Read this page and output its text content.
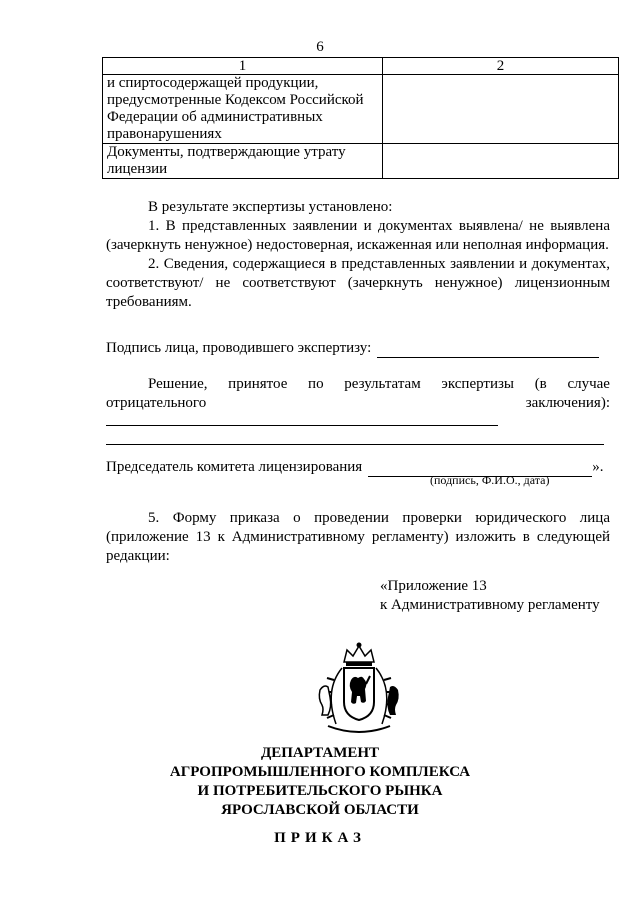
6
1	2
и спиртосодержащей продукции, предусмотренные Кодексом Российской Федерации об административных правонарушениях	
Документы, подтверждающие утрату лицензии	
В результате экспертизы установлено:
1. В представленных заявлении и документах выявлена/ не выявлена (зачеркнуть ненужное) недостоверная, искаженная или неполная информация.
2. Сведения, содержащиеся в представленных заявлении и документах, соответствуют/ не соответствуют (зачеркнуть ненужное) лицензионным требованиям.
Подпись лица, проводившего экспертизу:
Решение, принятое по результатам экспертизы (в случае
отрицательного	заключения):
Председатель комитета лицензирования	».
(подпись, Ф.И.О., дата)
5. Форму приказа о проведении проверки юридического лица (приложение 13 к Административному регламенту) изложить в следующей редакции:
«Приложение 13
к Административному регламенту
ДЕПАРТАМЕНТ
АГРОПРОМЫШЛЕННОГО КОМПЛЕКСА
И ПОТРЕБИТЕЛЬСКОГО РЫНКА
ЯРОСЛАВСКОЙ ОБЛАСТИ
ПРИКАЗ
